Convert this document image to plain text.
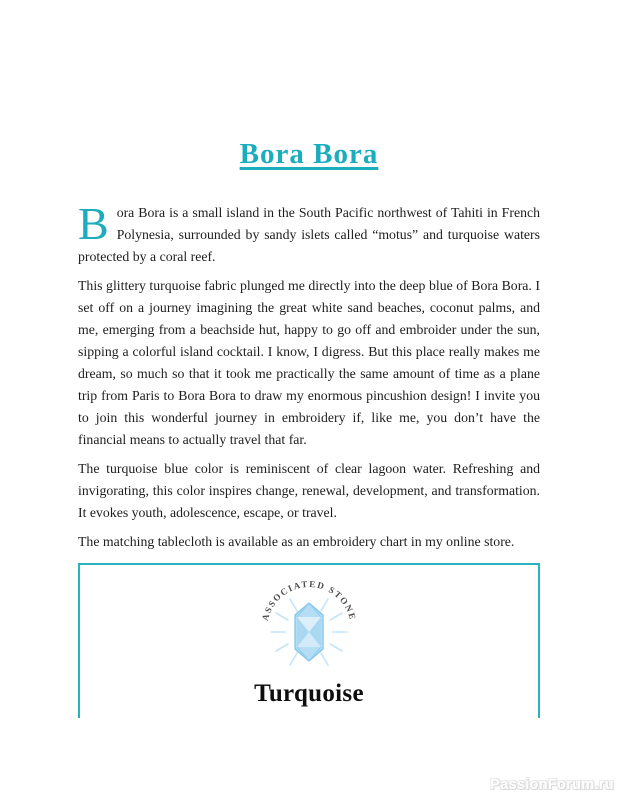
Bora Bora

Bora Bora is a small island in the South Pacific northwest of Tahiti in French Polynesia, surrounded by sandy islets called “motus” and turquoise waters protected by a coral reef.

This glittery turquoise fabric plunged me directly into the deep blue of Bora Bora. I set off on a journey imagining the great white sand beaches, coconut palms, and me, emerging from a beachside hut, happy to go off and embroider under the sun, sipping a colorful island cocktail. I know, I digress. But this place really makes me dream, so much so that it took me practically the same amount of time as a plane trip from Paris to Bora Bora to draw my enormous pincushion design! I invite you to join this wonderful journey in embroidery if, like me, you don’t have the financial means to actually travel that far.

The turquoise blue color is reminiscent of clear lagoon water. Refreshing and invigorating, this color inspires change, renewal, development, and transformation. It evokes youth, adolescence, escape, or travel.

The matching tablecloth is available as an embroidery chart in my online store.

ASSOCIATED STONE
Turquoise
PassionForum.ru
